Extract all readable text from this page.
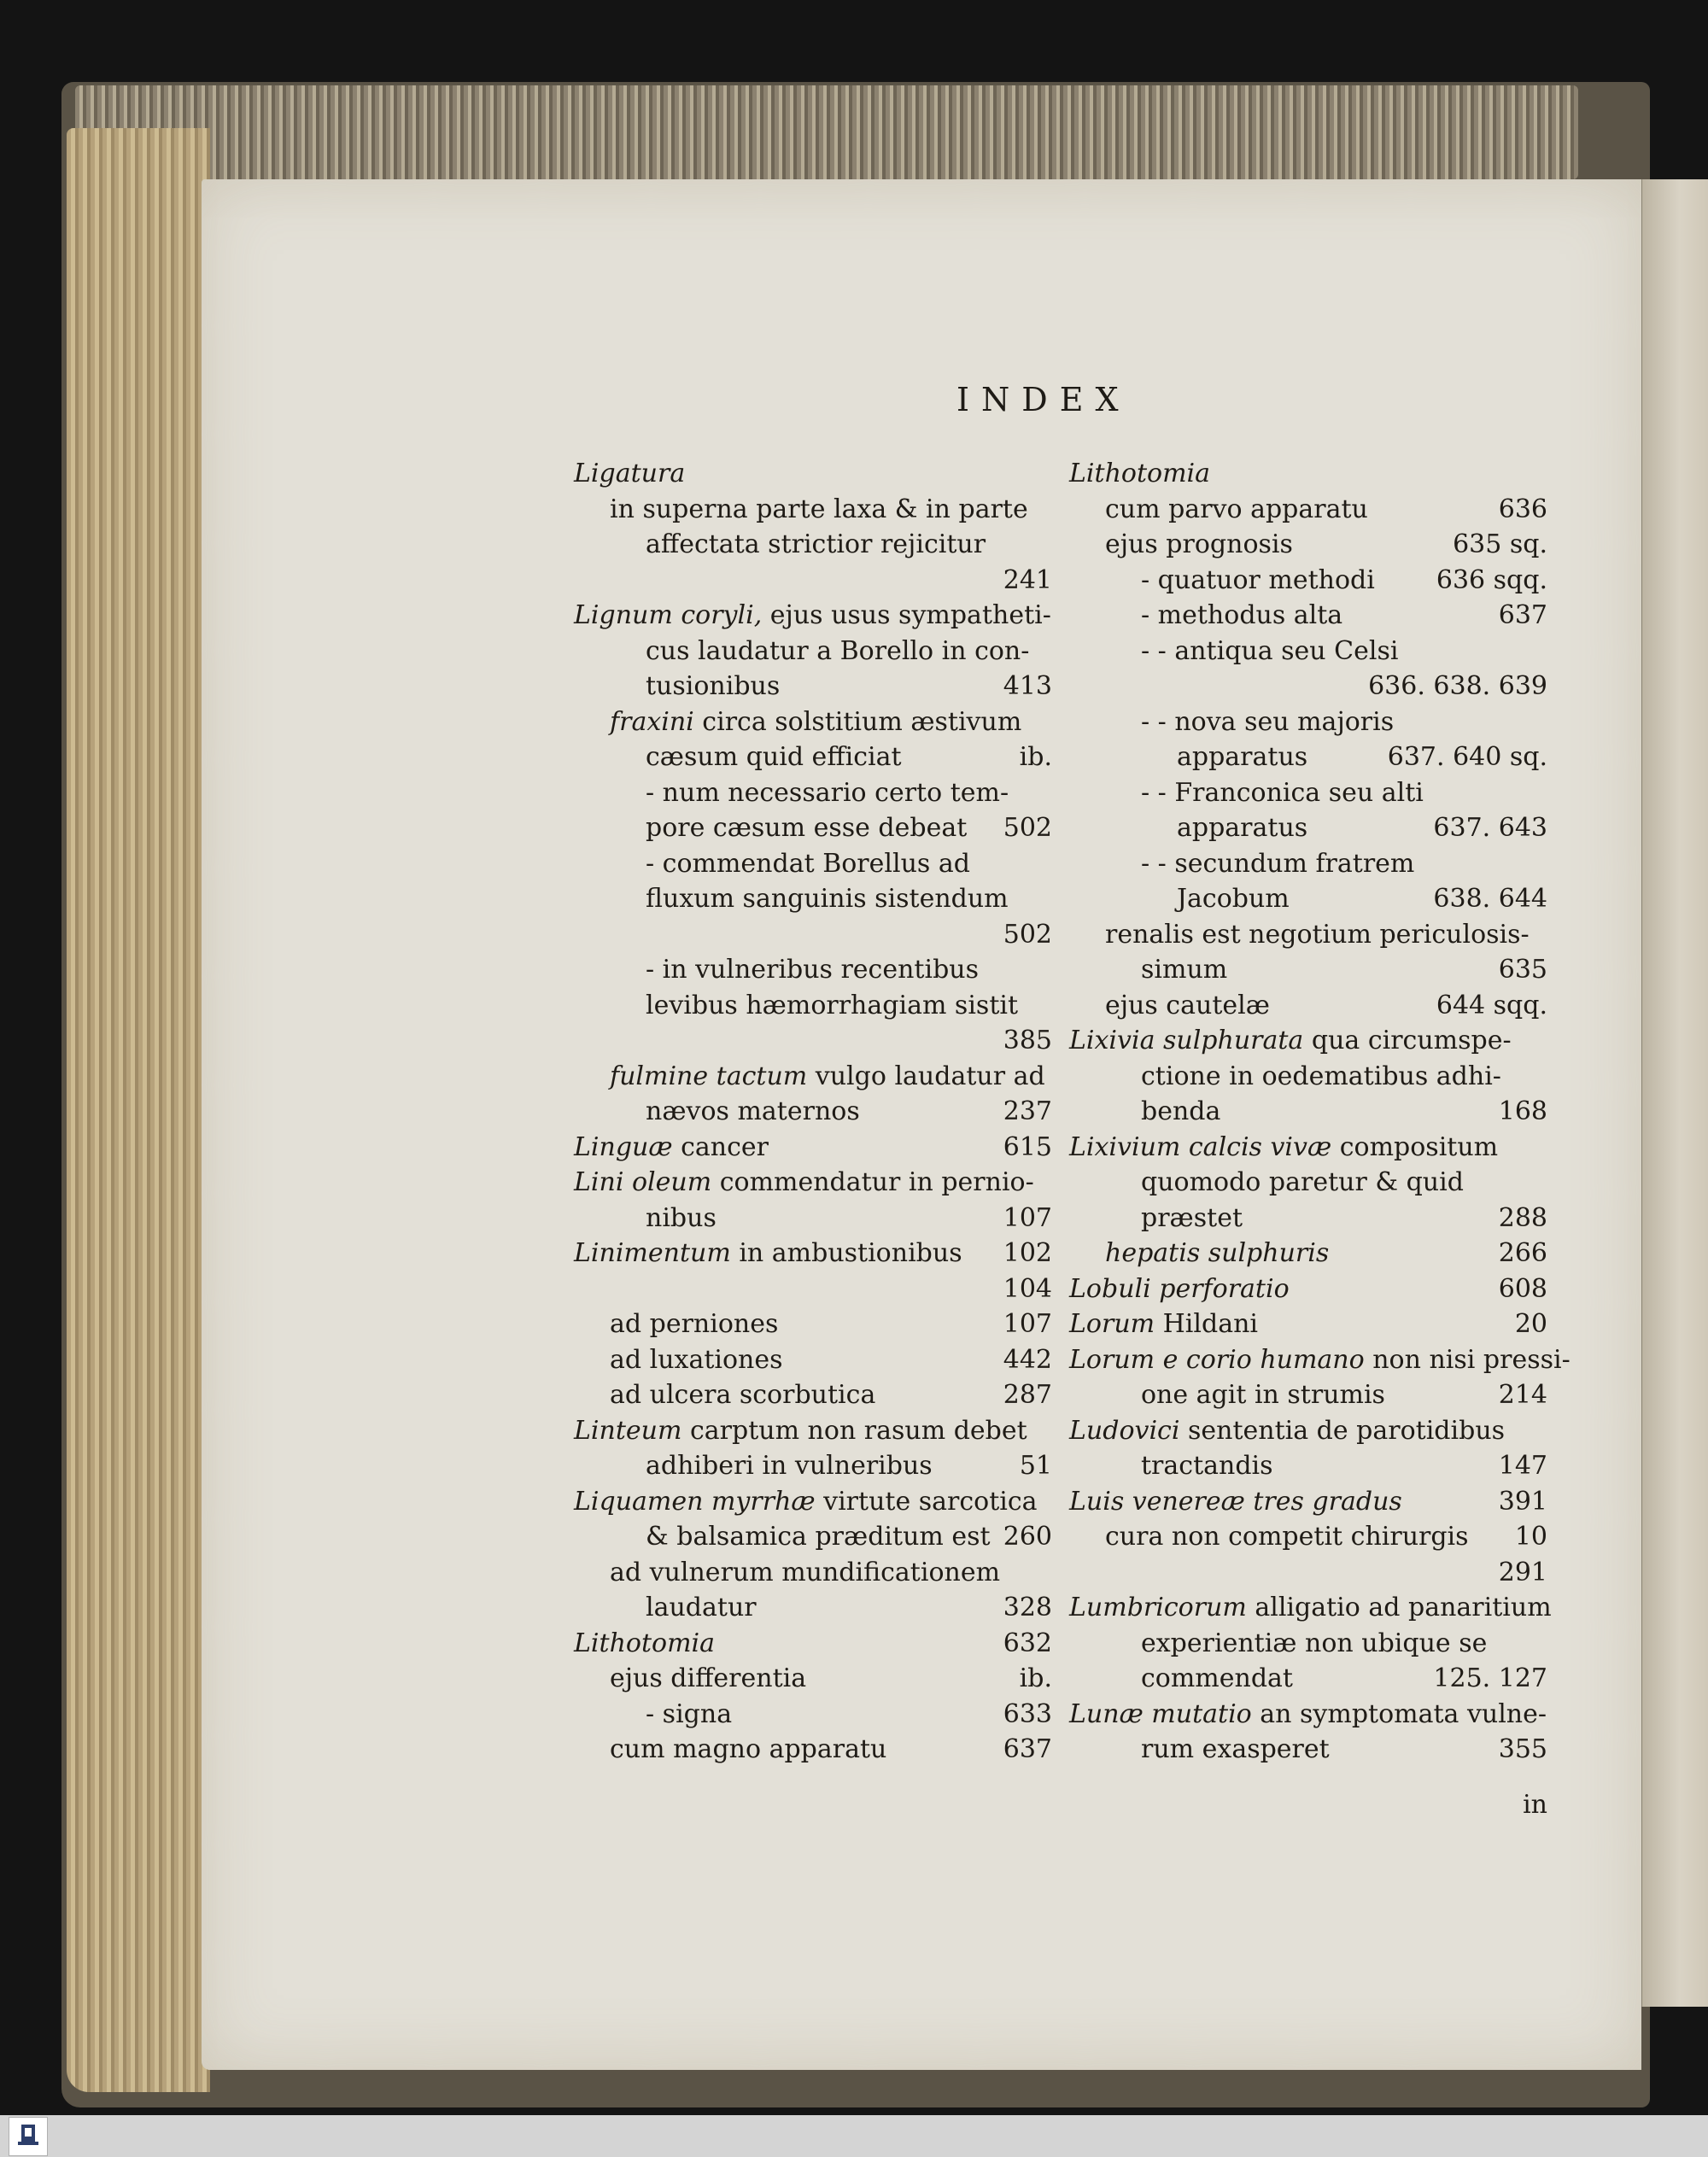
INDEX
Ligatura
in superna parte laxa & in parte
affectata strictior rejicitur
241
Lignum coryli, ejus usus sympatheti-
cus laudatur a Borello in con-
tusionibus	413
fraxini circa solstitium æstivum
cæsum quid efficiat	ib.
- num necessario certo tem-
pore cæsum esse debeat 502
- commendat Borellus ad
fluxum sanguinis sistendum
502
- in vulneribus recentibus
levibus hæmorrhagiam sistit
385
fulmine tactum vulgo laudatur ad
nævos maternos	237
Linguæ cancer	615
Lini oleum commendatur in pernio-
nibus	107
Linimentum in ambustionibus 102
104
ad perniones	107
ad luxationes	442
ad ulcera scorbutica	287
Linteum carptum non rasum debet
adhiberi in vulneribus	51
Liquamen myrrhæ virtute sarcotica
& balsamica præditum est 260
ad vulnerum mundificationem
laudatur	328
Lithotomia	632
ejus differentia	ib.
- signa	633
cum magno apparatu	637
Lithotomia
cum parvo apparatu	636
ejus prognosis	635 sq.
- quatuor methodi 636 sqq.
- methodus alta	637
- - antiqua seu Celsi
636. 638. 639
- - nova seu majoris
apparatus	637. 640 sq.
- - Franconica seu alti
apparatus	637. 643
- - secundum fratrem
Jacobum	638. 644
renalis est negotium periculosis-
simum	635
ejus cautelæ	644 sqq.
Lixivia sulphurata qua circumspe-
ctione in oedematibus adhi-
benda	168
Lixivium calcis vivæ compositum
quomodo paretur & quid
præstet	288
hepatis sulphuris	266
Lobuli perforatio	608
Lorum Hildani	20
Lorum e corio humano non nisi pressi-
one agit in strumis	214
Ludovici sententia de parotidibus
tractandis	147
Luis venereæ tres gradus	391
cura non competit chirurgis 10
291
Lumbricorum alligatio ad panaritium
experientiæ non ubique se
commendat	125. 127
Lunæ mutatio an symptomata vulne-
rum exasperet	355
in
